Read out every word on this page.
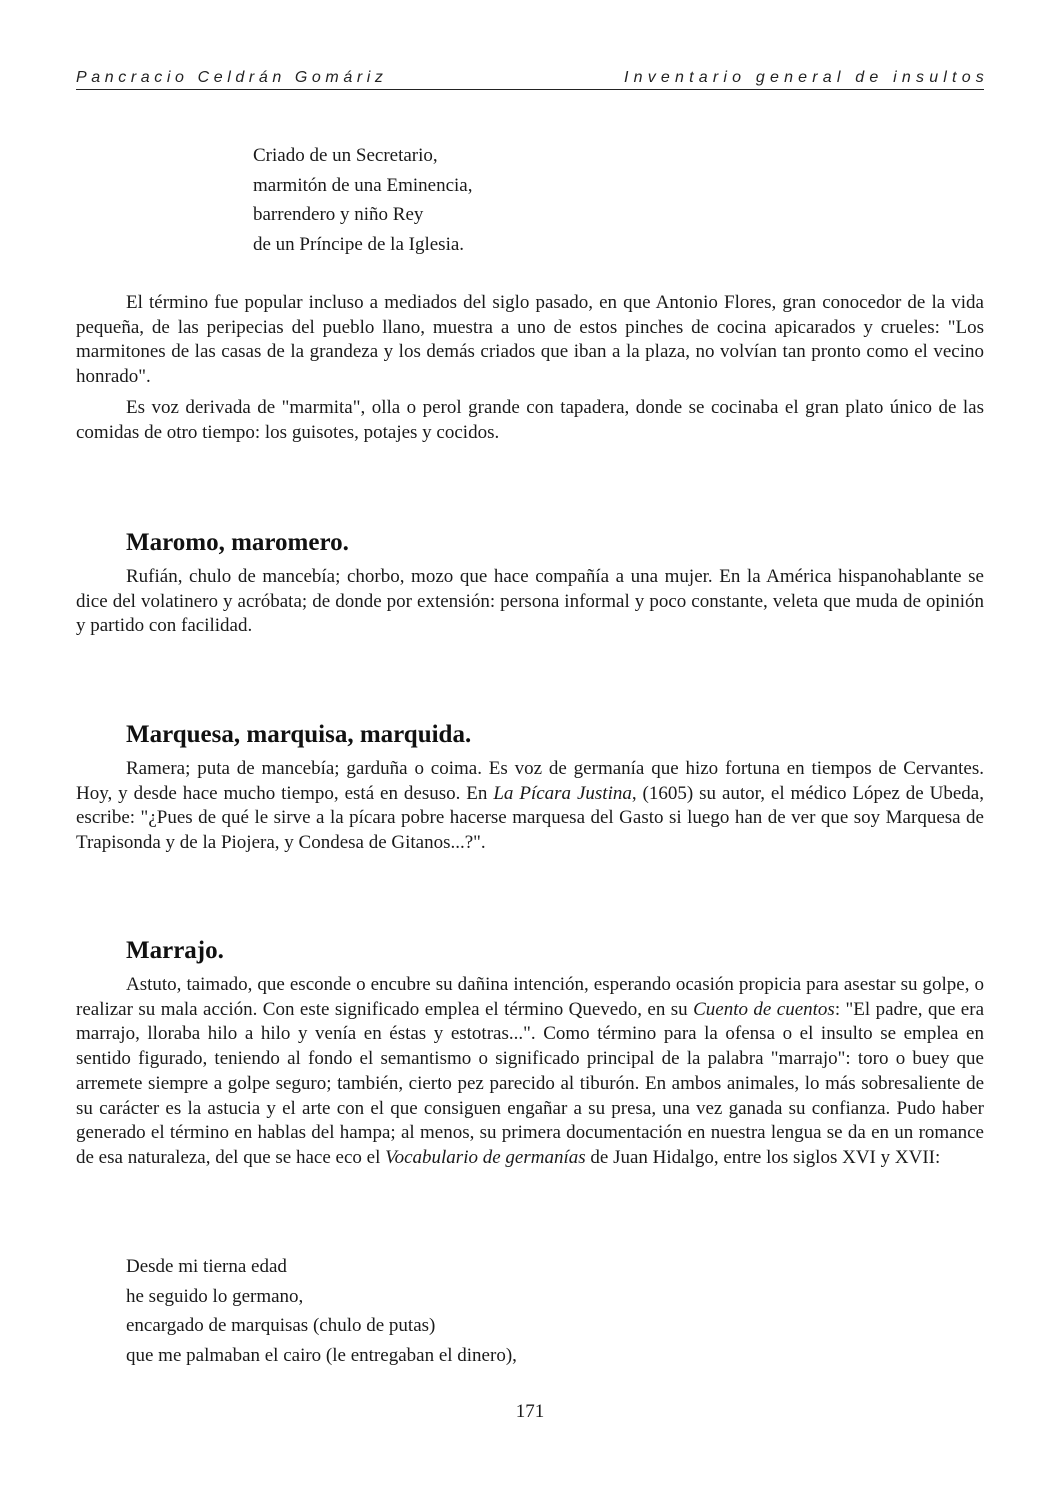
Pancracio Celdrán Gomáriz	Inventario general de insultos
Criado de un Secretario,
marmitón de una Eminencia,
barrendero y niño Rey
de un Príncipe de la Iglesia.

El término fue popular incluso a mediados del siglo pasado, en que Antonio Flores, gran conocedor de la vida pequeña, de las peripecias del pueblo llano, muestra a uno de estos pinches de cocina apicarados y crueles: "Los marmitones de las casas de la grandeza y los demás criados que iban a la plaza, no volvían tan pronto como el vecino honrado".

Es voz derivada de "marmita", olla o perol grande con tapadera, donde se cocinaba el gran plato único de las comidas de otro tiempo: los guisotes, potajes y cocidos.

Maromo, maromero.

Rufián, chulo de mancebía; chorbo, mozo que hace compañía a una mujer. En la América hispanohablante se dice del volatinero y acróbata; de donde por extensión: persona informal y poco constante, veleta que muda de opinión y partido con facilidad.

Marquesa, marquisa, marquida.

Ramera; puta de mancebía; garduña o coima. Es voz de germanía que hizo fortuna en tiempos de Cervantes. Hoy, y desde hace mucho tiempo, está en desuso. En La Pícara Justina, (1605) su autor, el médico López de Ubeda, escribe: "¿Pues de qué le sirve a la pícara pobre hacerse marquesa del Gasto si luego han de ver que soy Marquesa de Trapisonda y de la Piojera, y Condesa de Gitanos...?".

Marrajo.

Astuto, taimado, que esconde o encubre su dañina intención, esperando ocasión propicia para asestar su golpe, o realizar su mala acción. Con este significado emplea el término Quevedo, en su Cuento de cuentos: "El padre, que era marrajo, lloraba hilo a hilo y venía en éstas y estotras...". Como término para la ofensa o el insulto se emplea en sentido figurado, teniendo al fondo el semantismo o significado principal de la palabra "marrajo": toro o buey que arremete siempre a golpe seguro; también, cierto pez parecido al tiburón. En ambos animales, lo más sobresaliente de su carácter es la astucia y el arte con el que consiguen engañar a su presa, una vez ganada su confianza. Pudo haber generado el término en hablas del hampa; al menos, su primera documentación en nuestra lengua se da en un romance de esa naturaleza, del que se hace eco el Vocabulario de germanías de Juan Hidalgo, entre los siglos XVI y XVII:

Desde mi tierna edad
he seguido lo germano,
encargado de marquisas (chulo de putas)
que me palmaban el cairo (le entregaban el dinero),
171
